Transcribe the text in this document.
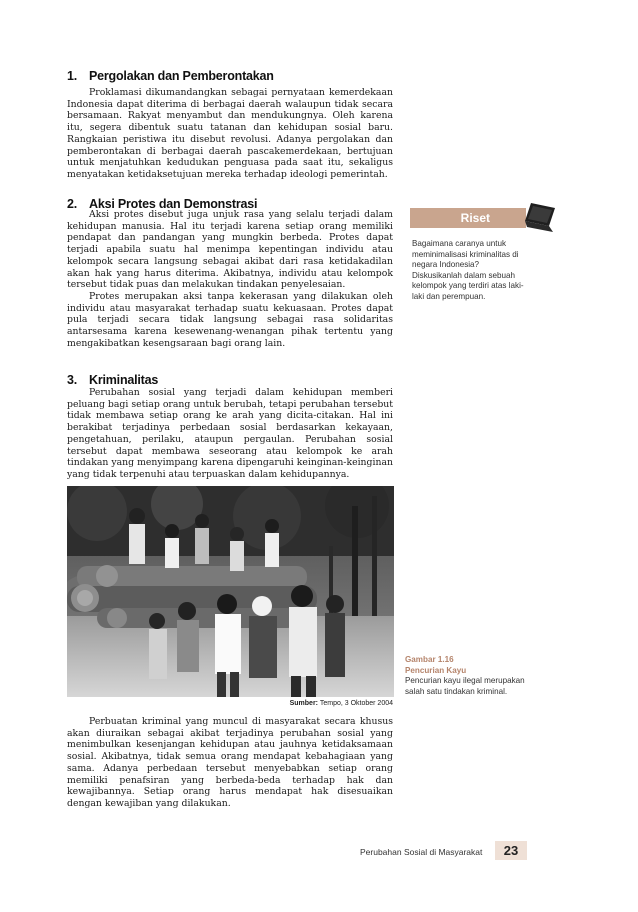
1. Pergolakan dan Pemberontakan

Proklamasi dikumandangkan sebagai pernyataan kemerdekaan Indonesia dapat diterima di berbagai daerah walaupun tidak secara bersamaan. Rakyat menyambut dan mendukungnya. Oleh karena itu, segera dibentuk suatu tatanan dan kehidupan sosial baru. Rangkaian peristiwa itu disebut revolusi. Adanya pergolakan dan pemberontakan di berbagai daerah pascakemerdekaan, bertujuan untuk menjatuhkan kedudukan penguasa pada saat itu, sekaligus menyatakan ketidaksetujuan mereka terhadap ideologi pemerintah.

2. Aksi Protes dan Demonstrasi

Aksi protes disebut juga unjuk rasa yang selalu terjadi dalam kehidupan manusia. Hal itu terjadi karena setiap orang memiliki pendapat dan pandangan yang mungkin berbeda. Protes dapat terjadi apabila suatu hal menimpa kepentingan individu atau kelompok secara langsung sebagai akibat dari rasa ketidakadilan akan hak yang harus diterima. Akibatnya, individu atau kelompok tersebut tidak puas dan melakukan tindakan penyelesaian.

Protes merupakan aksi tanpa kekerasan yang dilakukan oleh individu atau masyarakat terhadap suatu kekuasaan. Protes dapat pula terjadi secara tidak langsung sebagai rasa solidaritas antarsesama karena kesewenang-wenangan pihak tertentu yang mengakibatkan kesengsaraan bagi orang lain.

3. Kriminalitas

Perubahan sosial yang terjadi dalam kehidupan memberi peluang bagi setiap orang untuk berubah, tetapi perubahan tersebut tidak membawa setiap orang ke arah yang dicita-citakan. Hal ini berakibat terjadinya perbedaan sosial berdasarkan kekayaan, pengetahuan, perilaku, ataupun pergaulan. Perubahan sosial tersebut dapat membawa seseorang atau kelompok ke arah tindakan yang menyimpang karena dipengaruhi keinginan-keinginan yang tidak terpenuhi atau terpuaskan dalam kehidupannya.

Sumber: Tempo, 3 Oktober 2004

Perbuatan kriminal yang muncul di masyarakat secara khusus akan diuraikan sebagai akibat terjadinya perubahan sosial yang menimbulkan kesenjangan kehidupan atau jauhnya ketidaksamaan sosial. Akibatnya, tidak semua orang mendapat kebahagiaan yang sama. Adanya perbedaan tersebut menyebabkan setiap orang memiliki penafsiran yang berbeda-beda terhadap hak dan kewajibannya. Setiap orang harus mendapat hak disesuaikan dengan kewajiban yang dilakukan.

Riset
Bagaimana caranya untuk meminimalisasi kriminalitas di negara Indonesia? Diskusikanlah dalam sebuah kelompok yang terdiri atas laki-laki dan perempuan.
Gambar 1.16
Pencurian Kayu
Pencurian kayu ilegal merupakan salah satu tindakan kriminal.
Perubahan Sosial di Masyarakat	23
